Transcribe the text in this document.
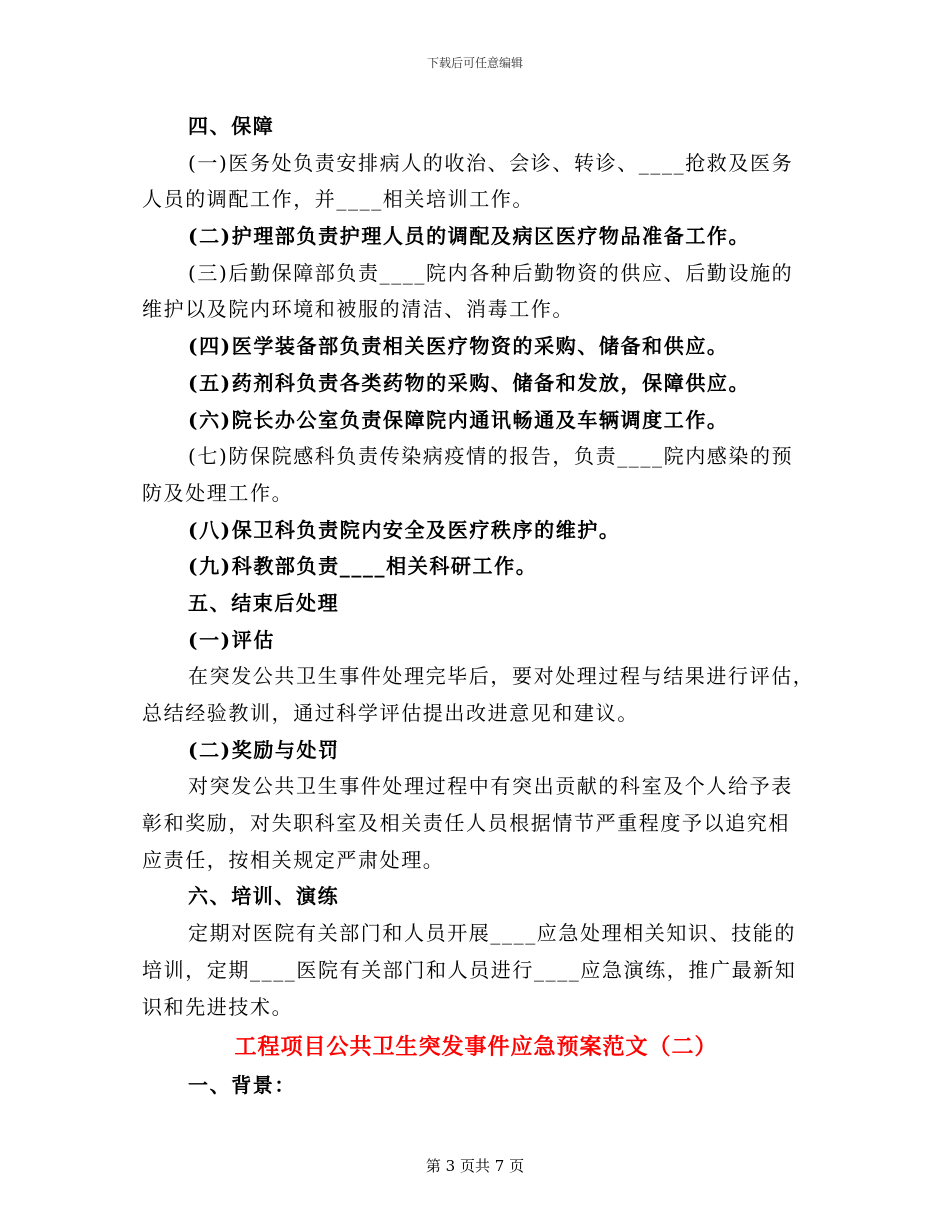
下载后可任意编辑
四、保障
(一)医务处负责安排病人的收治、会诊、转诊、____抢救及医务
人员的调配工作，并____相关培训工作。
(二)护理部负责护理人员的调配及病区医疗物品准备工作。
(三)后勤保障部负责____院内各种后勤物资的供应、后勤设施的
维护以及院内环境和被服的清洁、消毒工作。
(四)医学装备部负责相关医疗物资的采购、储备和供应。
(五)药剂科负责各类药物的采购、储备和发放，保障供应。
(六)院长办公室负责保障院内通讯畅通及车辆调度工作。
(七)防保院感科负责传染病疫情的报告，负责____院内感染的预
防及处理工作。
(八)保卫科负责院内安全及医疗秩序的维护。
(九)科教部负责____相关科研工作。
五、结束后处理
(一)评估
在突发公共卫生事件处理完毕后，要对处理过程与结果进行评估，
总结经验教训，通过科学评估提出改进意见和建议。
(二)奖励与处罚
对突发公共卫生事件处理过程中有突出贡献的科室及个人给予表
彰和奖励，对失职科室及相关责任人员根据情节严重程度予以追究相
应责任，按相关规定严肃处理。
六、培训、演练
定期对医院有关部门和人员开展____应急处理相关知识、技能的
培训，定期____医院有关部门和人员进行____应急演练，推广最新知
识和先进技术。
工程项目公共卫生突发事件应急预案范文（二）
一、背景：
第 3 页共 7 页
